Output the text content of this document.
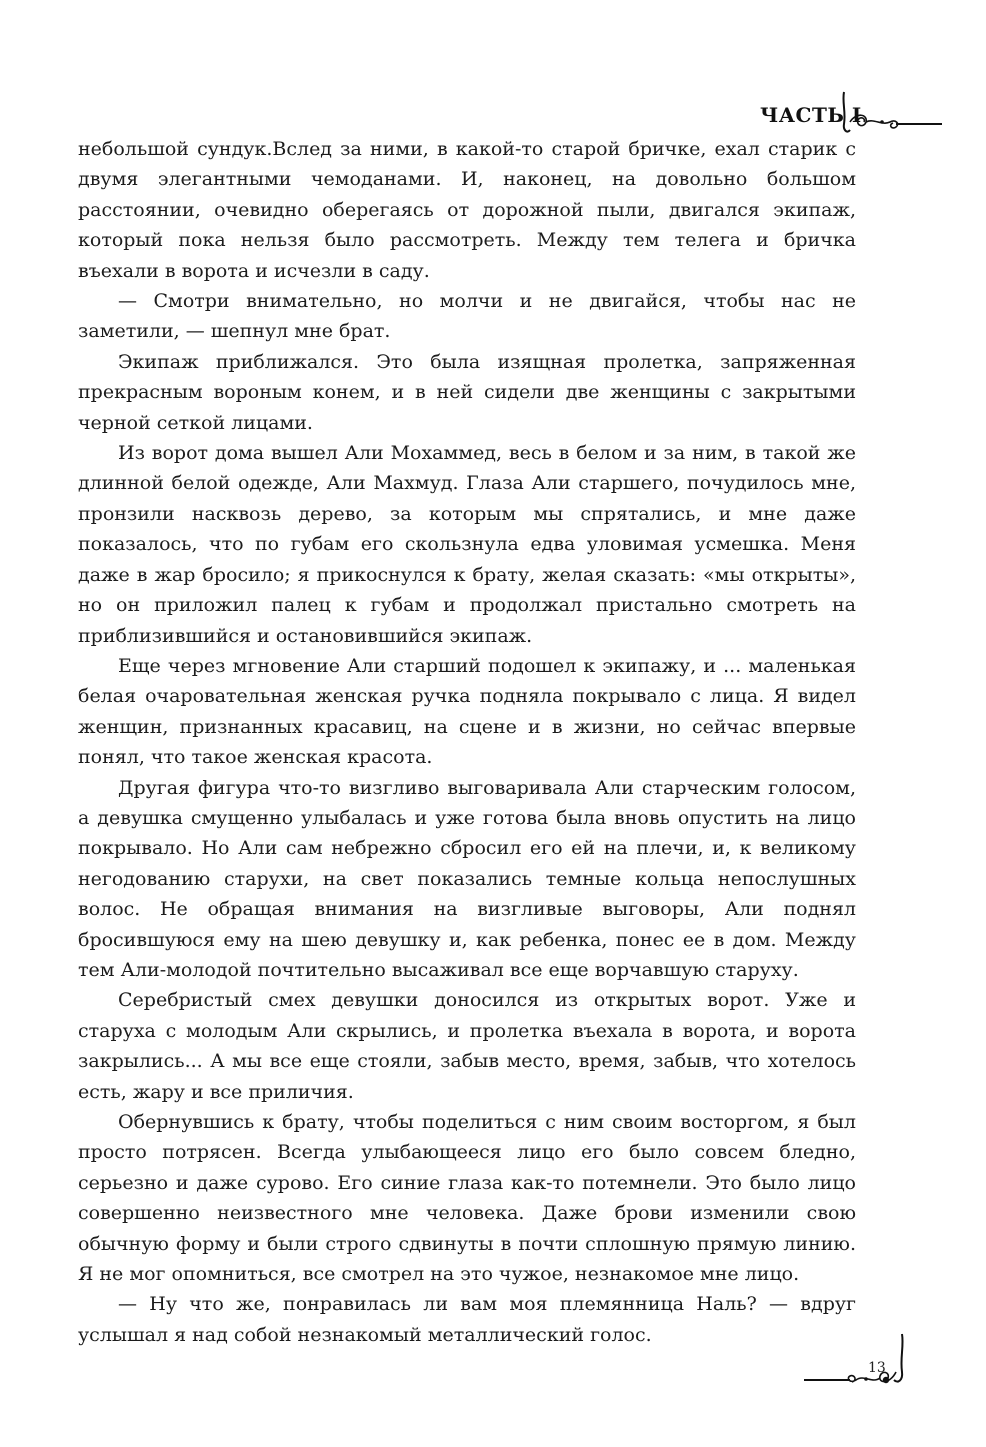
ЧАСТЬ I

небольшой сундук.Вслед за ними, в какой-то старой бричке, ехал старик с двумя элегантными чемоданами. И, наконец, на довольно большом расстоянии, очевидно оберегаясь от дорожной пыли, двигался экипаж, который пока нельзя было рассмотреть. Между тем телега и бричка въехали в ворота и исчезли в саду.

— Смотри внимательно, но молчи и не двигайся, чтобы нас не заметили, — шепнул мне брат.

Экипаж приближался. Это была изящная пролетка, запряженная прекрасным вороным конем, и в ней сидели две женщины с закрытыми черной сеткой лицами.

Из ворот дома вышел Али Мохаммед, весь в белом и за ним, в такой же длинной белой одежде, Али Махмуд. Глаза Али старшего, почудилось мне, пронзили насквозь дерево, за которым мы спрятались, и мне даже показалось, что по губам его скользнула едва уловимая усмешка. Меня даже в жар бросило; я прикоснулся к брату, желая сказать: «мы открыты», но он приложил палец к губам и продолжал пристально смотреть на приблизившийся и остановившийся экипаж.

Еще через мгновение Али старший подошел к экипажу, и ... маленькая белая очаровательная женская ручка подняла покрывало с лица. Я видел женщин, признанных красавиц, на сцене и в жизни, но сейчас впервые понял, что такое женская красота.

Другая фигура что-то визгливо выговаривала Али старческим голосом, а девушка смущенно улыбалась и уже готова была вновь опустить на лицо покрывало. Но Али сам небрежно сбросил его ей на плечи, и, к великому негодованию старухи, на свет показались темные кольца непослушных волос. Не обращая внимания на визгливые выговоры, Али поднял бросившуюся ему на шею девушку и, как ребенка, понес ее в дом. Между тем Али-молодой почтительно высаживал все еще ворчавшую старуху.

Серебристый смех девушки доносился из открытых ворот. Уже и старуха с молодым Али скрылись, и пролетка въехала в ворота, и ворота закрылись... А мы все еще стояли, забыв место, время, забыв, что хотелось есть, жару и все приличия.

Обернувшись к брату, чтобы поделиться с ним своим восторгом, я был просто потрясен. Всегда улыбающееся лицо его было совсем бледно, серьезно и даже сурово. Его синие глаза как-то потемнели. Это было лицо совершенно неизвестного мне человека. Даже брови изменили свою обычную форму и были строго сдвинуты в почти сплошную прямую линию. Я не мог опомниться, все смотрел на это чужое, незнакомое мне лицо.

— Ну что же, понравилась ли вам моя племянница Наль? — вдруг услышал я над собой незнакомый металлический голос.

13
